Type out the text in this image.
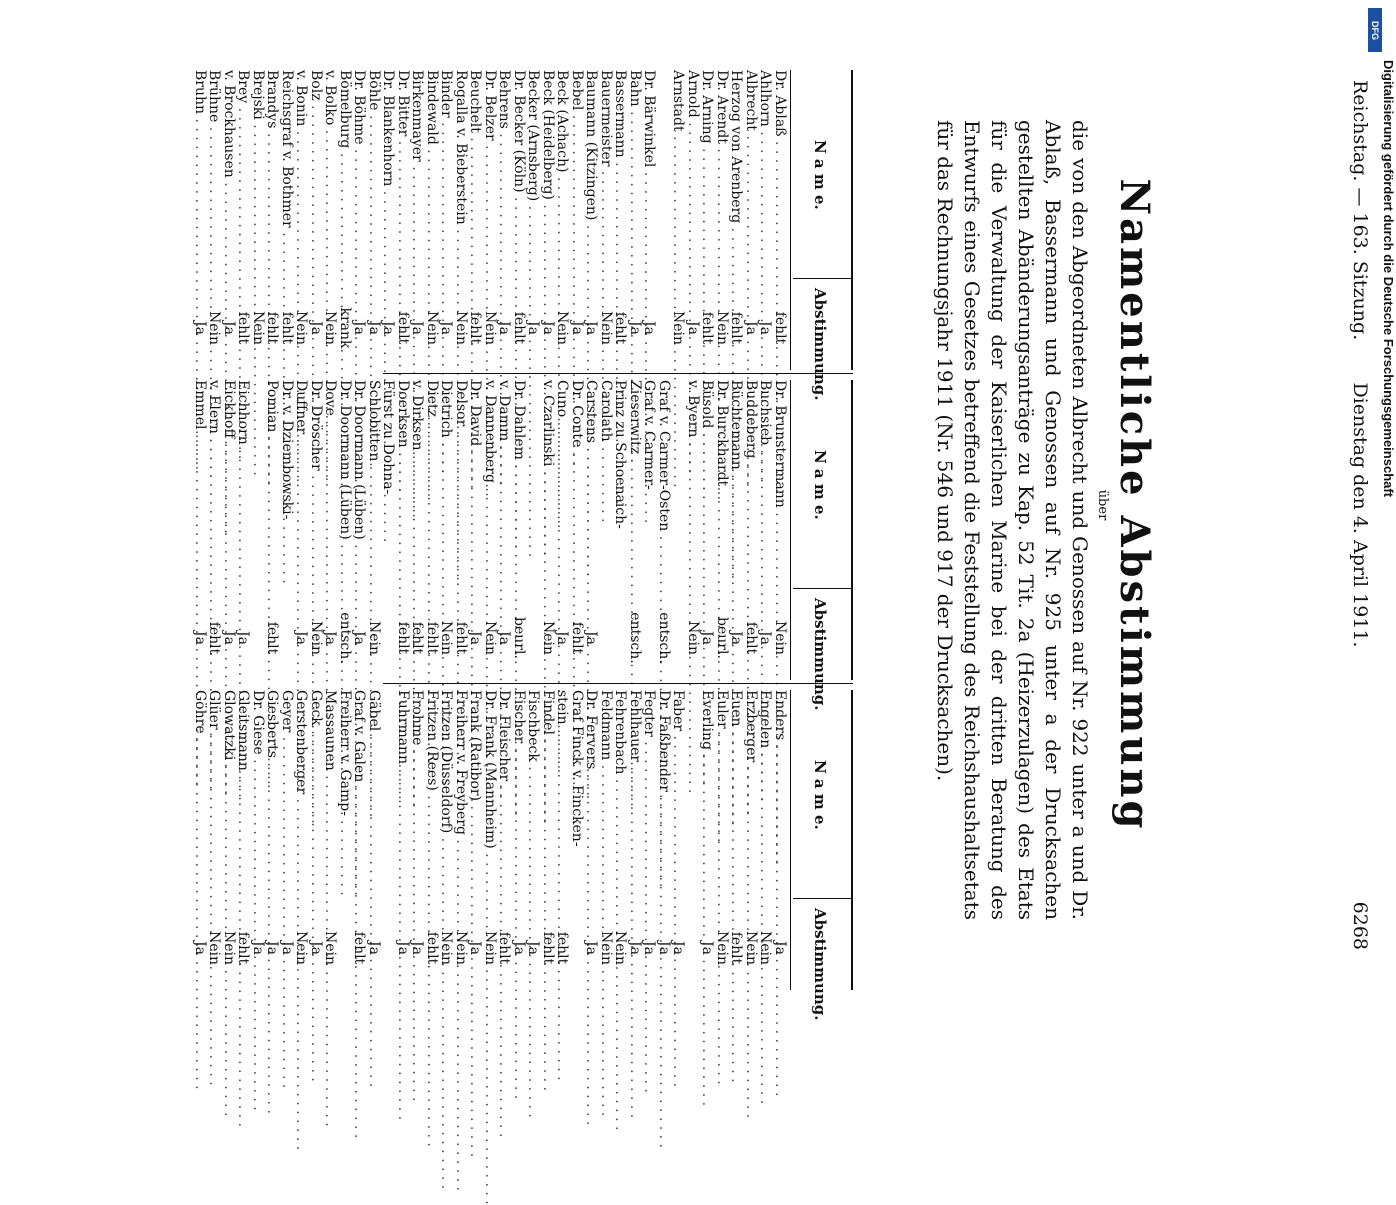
DFG
Digitalisierung gefördert durch die Deutsche Forschungsgemeinschaft
Reichstag. — 163. Sitzung.
Dienstag den 4. April 1911.
6268
Namentliche Abstimmung
über
die von den Abgeordneten Albrecht und Genossen auf Nr. 922 unter a und Dr. Ablaß, Bassermann und Genossen auf Nr. 925 unter a der Drucksachen gestellten Abänderungsanträge zu Kap. 52 Tit. 2a (Heizerzulagen) des Etats für die Verwaltung der Kaiserlichen Marine bei der dritten Beratung des Entwurfs eines Gesetzes betreffend die Feststellung des Reichshaushaltsetats für das Rechnungsjahr 1911 (Nr. 546 und 917 der Drucksachen).
N a m e.
Abstimmung.
Dr. Ablaß . . .
fehlt
Ahlhorn . . .
Ja
Albrecht . . .
Ja
Herzog von Arenberg . . .
fehlt
Dr. Arendt . . .
Nein
Dr. Arning . . .
fehlt
Arnold . . .
Ja
Arnstadt . . .
Nein
Dr. Bärwinkel . . .
Ja
Bahn . . .
Ja
Bassermann . . .
fehlt
Bauermeister . . .
Nein
Baumann (Kitzingen) . . .
Ja
Bebel . . .
Ja
Beck (Achach) . . .
Nein
Beck (Heidelberg) . . .
Ja
Becker (Arnsberg) . . .
Ja
Dr. Becker (Köln) . . .
fehlt
Behrens . . .
Ja
Dr. Belzer . . .
Nein
Beuchelt . . .
fehlt
Rogalla v. Bieberstein . . .
Nein
Binder . . .
Ja
Bindewald . . .
Nein
Birkenmayer . . .
Ja
Dr. Bitter . . .
fehlt
Dr. Blankenhorn . . .
Ja
Böhle . . .
Ja
Dr. Böhme . . .
Ja
Bömelburg . . .
krank
v. Bolko . . .
Nein
Bolz . . .
Ja
v. Bonin . . .
Nein
Reichsgraf v. Bothmer . . .
fehlt
Brandys . . .
fehlt
Brejski . . .
Nein
Brey . . .
fehlt
v. Brockhausen . . .
Ja
Brühne . . .
Nein
Bruhn . . .
Ja
N a m e.
Abstimmung.
Dr. Brunstermann . . .
Nein
Buchsieb . . .
Ja
Buddeberg . . .
fehlt
Büchtemann . . .
Ja
Dr. Burckhardt . . .
beurl.
Büsold . . .
Ja
v. Byern . . .
Nein
Graf v. Carmer-Osten . . .
entsch.
Graf v. Carmer-
Zieserwitz . . .
entsch.
Prinz zu Schoenaich-
Carolath
Carstens . . .
Ja
Dr. Conte . . .
fehlt
Cuno . . .
Ja
v. Czarlinski . . .
Nein
Dr. Dahlem . . .
beurl.
v. Damm . . .
Ja
v. Dannenberg . . .
Nein
Dr. David . . .
Ja
Delsor . . .
fehlt
Dietrich . . .
Nein
Dietz . . .
fehlt
v. Dirksen . . .
fehlt
Doerksen . . .
fehlt
Fürst zu Dohna-
Schlobitten . . .
Nein
Dr. Doormann (Lüben) . . .
Ja
Dr. Doormann (Lüben) . . .
entsch.
Dove . . .
Ja
Dr. Dröscher . . .
Nein
Duffner . . .
Ja
Dr. v. Dziembowski-
Pomian . . .
fehlt
Eichhorn . . .
Ja
Eickhoff . . .
Ja
v. Elern . . .
fehlt
Emmel . . .
Ja
N a m e.
Abstimmung.
Enders . . .
Ja
Engelen . . .
Nein
Erzberger . . .
Nein
Euen . . .
fehlt
Euler . . .
Nein
Everling . . .
Ja
Faber . . .
Ja
Dr. Faßbender . . .
Ja
Fegter . . .
Ja
Fehlhauer . . .
Ja
Fehrenbach . . .
Nein
Feldmann . . .
Nein
Dr. Fervers . . .
Ja
Graf Finck v. Fincken-
stein . . .
fehlt
Findel . . .
fehlt
Fischbeck . . .
Ja
Fischer . . .
Ja
Dr. Fleischer . . .
fehlt
Dr. Frank (Mannheim) . . .
Nein
Frank (Ratibor) . . .
Ja
Freiherr v. Freyberg . . .
Nein
Fritzen (Düsseldorf) . . .
Nein
Fritzen (Rees) . . .
fehlt
Frohme . . .
Ja
Fuhrmann . . .
Ja
Gäbel . . .
Ja
Graf v. Galen . . .
fehlt
Freiherr v. Gamp-
Massaunen . . .
Nein
Geck . . .
Ja
Gerstenberger . . .
Nein
Geyer . . .
Ja
Giesberts . . .
Ja
Dr. Giese . . .
Ja
Gleitsmann . . .
fehlt
Glowatzki . . .
Nein
Glüer . . .
Nein
Göhre . . .
Ja
